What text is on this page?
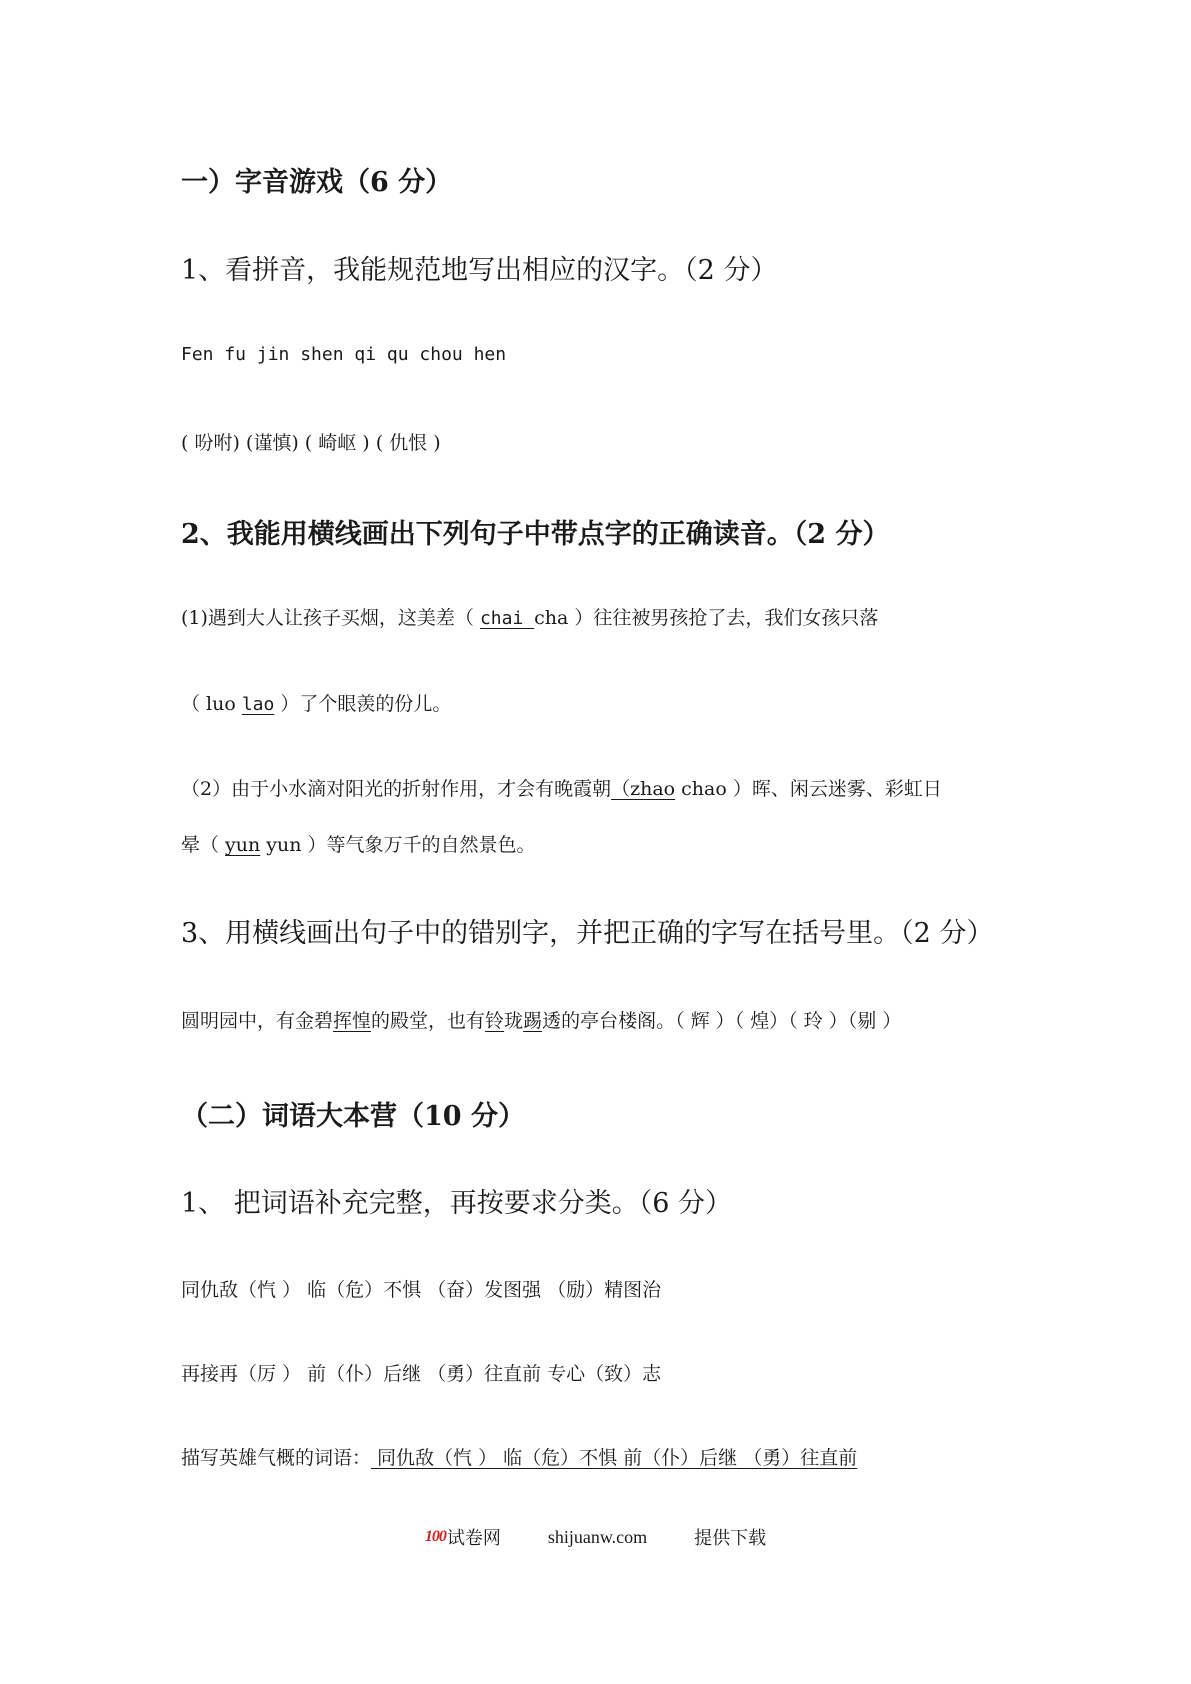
一）字音游戏（6 分）
1、看拼音，我能规范地写出相应的汉字。（2 分）
Fen fu jin shen qi qu chou hen
( 吩咐) (谨慎) ( 崎岖 ) ( 仇恨 )
2、我能用横线画出下列句子中带点字的正确读音。（2 分）
(1)遇到大人让孩子买烟，这美差（ chai cha ）往往被男孩抢了去，我们女孩只落
（ luo lao ）了个眼羡的份儿。
（2）由于小水滴对阳光的折射作用，才会有晚霞朝（zhao chao ）晖、闲云迷雾、彩虹日
晕（ yun yun ）等气象万千的自然景色。
3、用横线画出句子中的错别字，并把正确的字写在括号里。（2 分）
圆明园中，有金碧挥惶的殿堂，也有铃珑踢透的亭台楼阁。（ 辉 ）（ 煌）（ 玲 ）（剔 ）
（二）词语大本营（10 分）
1、 把词语补充完整，再按要求分类。（6 分）
同仇敌（忾 ） 临（危）不惧 （奋）发图强 （励）精图治
再接再（厉 ） 前（仆）后继 （勇）往直前 专心（致）志
描写英雄气概的词语： 同仇敌（忾 ） 临（危）不惧 前（仆）后继 （勇）往直前
100试卷网	shijuanw.com	提供下载
